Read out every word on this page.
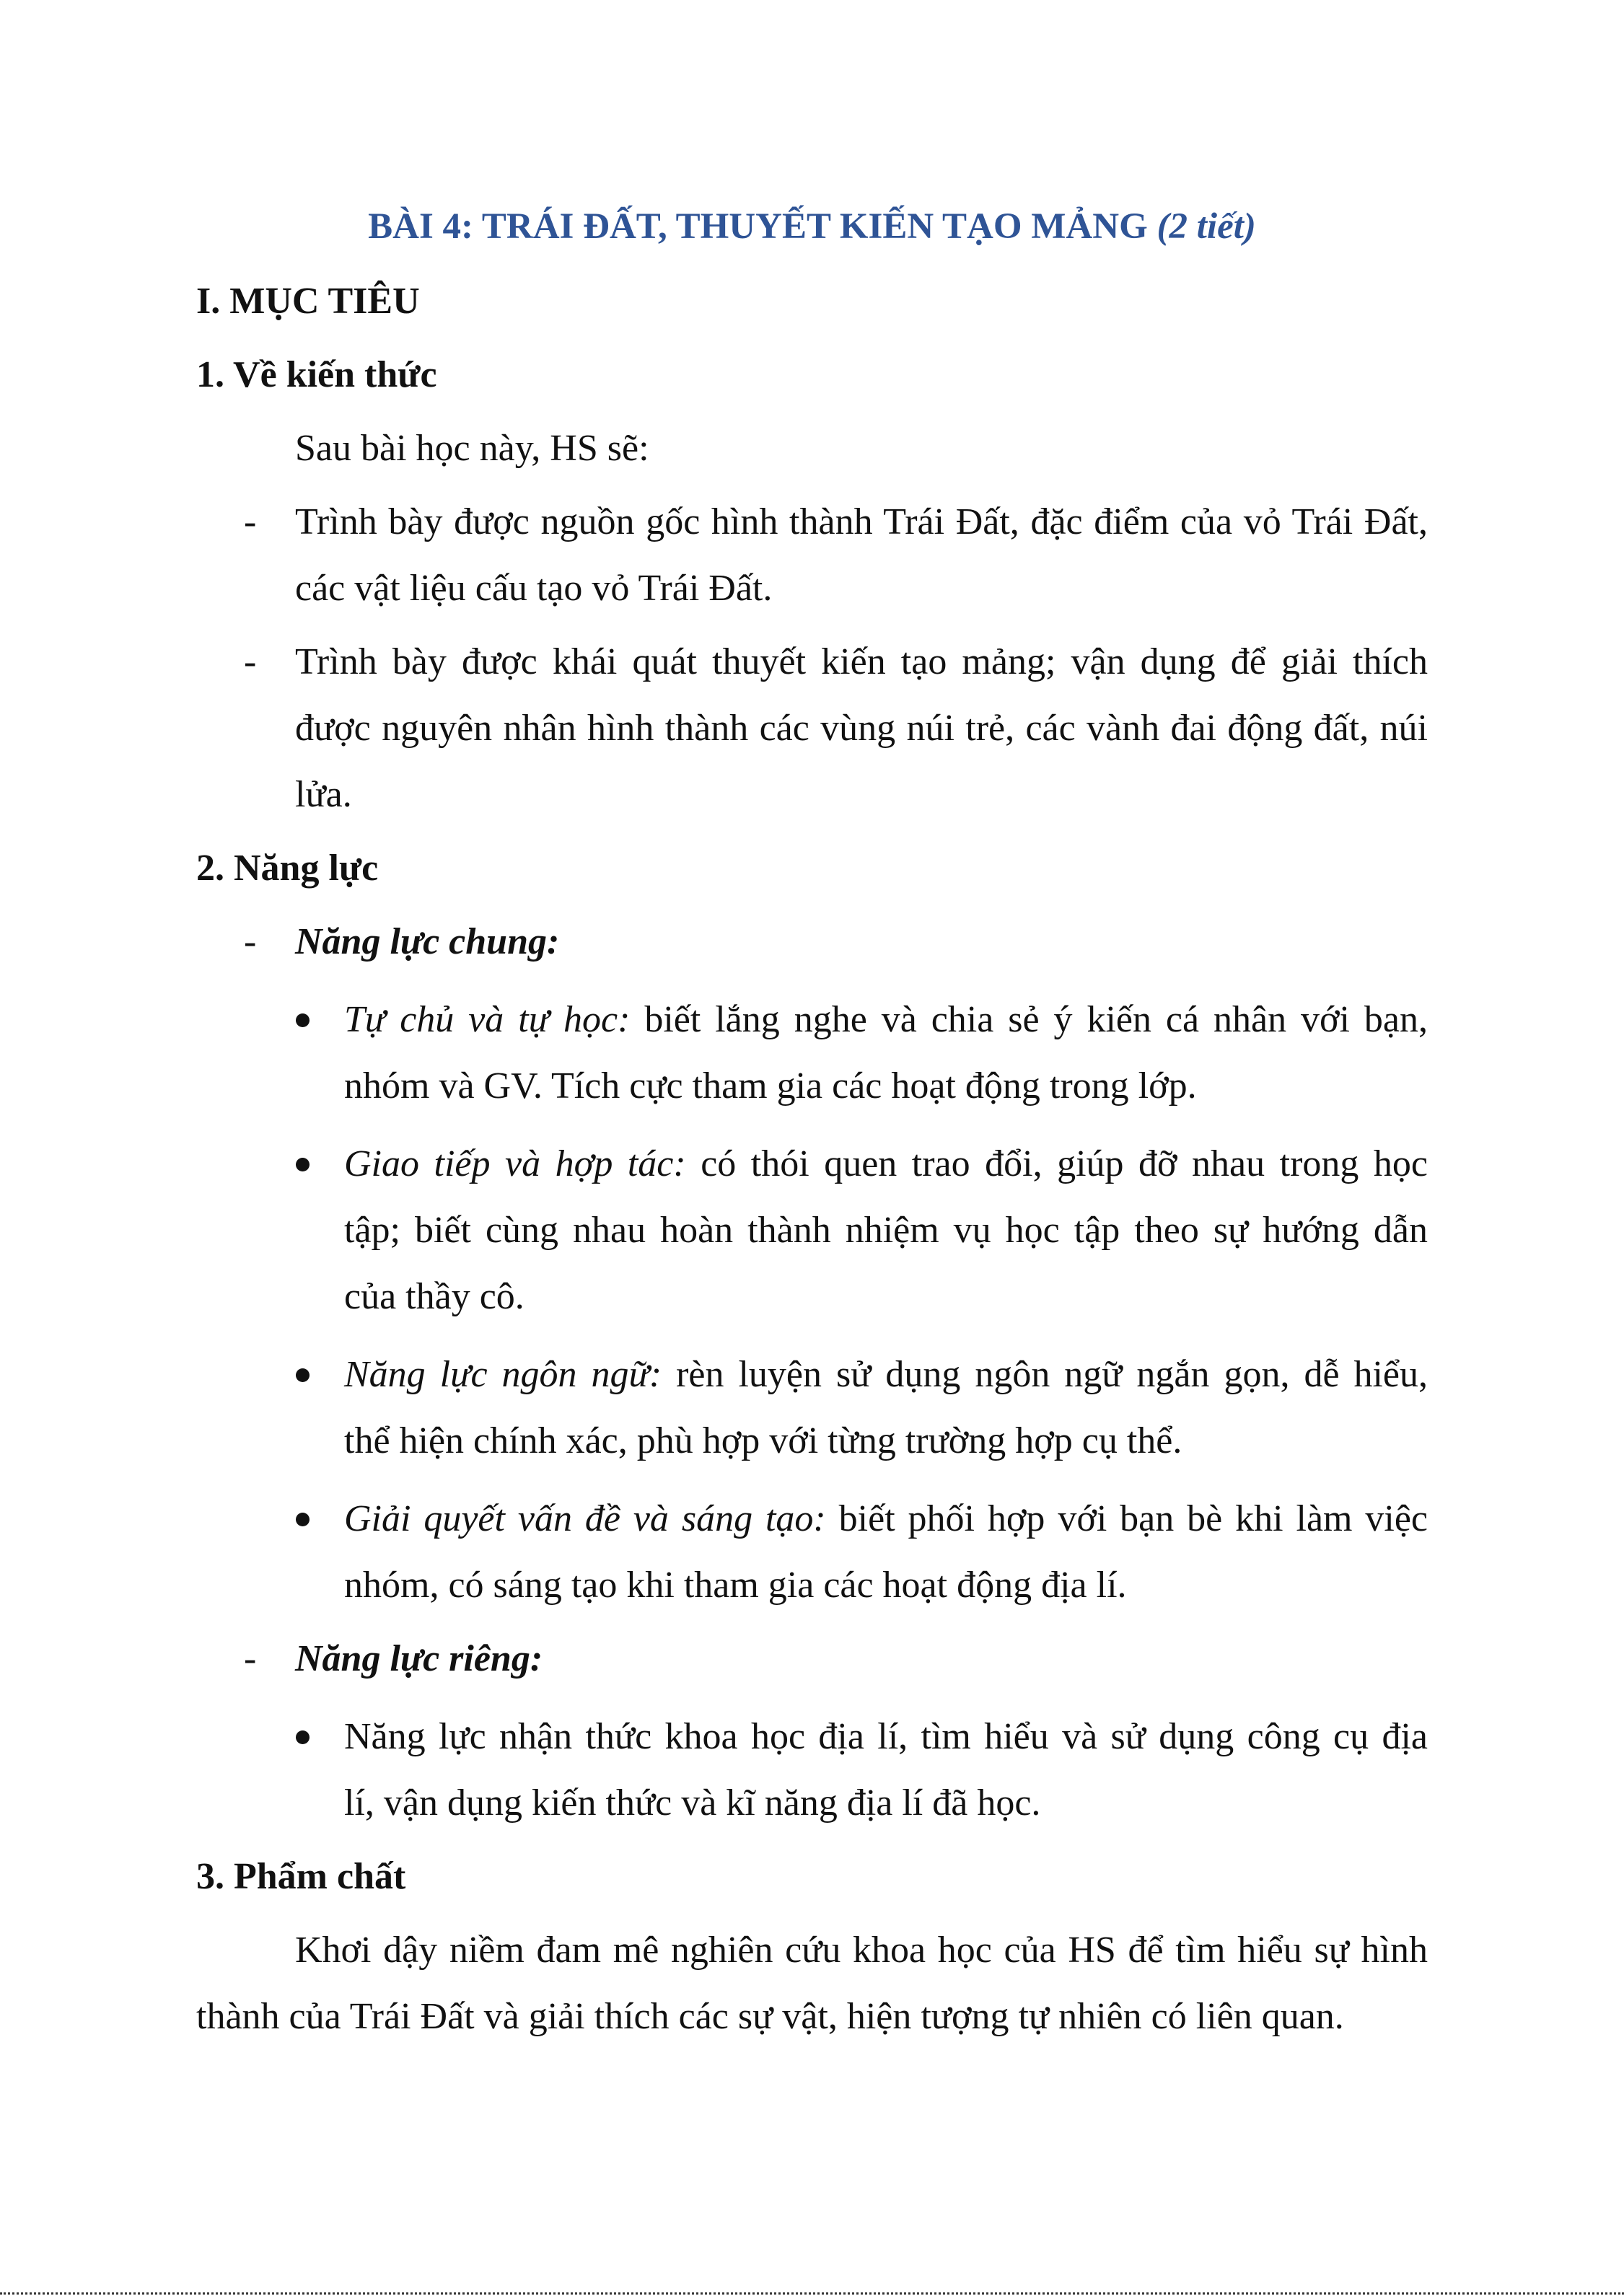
BÀI 4: TRÁI ĐẤT, THUYẾT KIẾN TẠO MẢNG (2 tiết)
I. MỤC TIÊU
1. Về kiến thức
Sau bài học này, HS sẽ:
- Trình bày được nguồn gốc hình thành Trái Đất, đặc điểm của vỏ Trái Đất,
các vật liệu cấu tạo vỏ Trái Đất.
- Trình bày được khái quát thuyết kiến tạo mảng; vận dụng để giải thích
được nguyên nhân hình thành các vùng núi trẻ, các vành đai động đất, núi
lửa.
2. Năng lực
- Năng lực chung:
Tự chủ và tự học: biết lắng nghe và chia sẻ ý kiến cá nhân với bạn,
nhóm và GV. Tích cực tham gia các hoạt động trong lớp.
Giao tiếp và hợp tác: có thói quen trao đổi, giúp đỡ nhau trong học
tập; biết cùng nhau hoàn thành nhiệm vụ học tập theo sự hướng dẫn
của thầy cô.
Năng lực ngôn ngữ: rèn luyện sử dụng ngôn ngữ ngắn gọn, dễ hiểu,
thể hiện chính xác, phù hợp với từng trường hợp cụ thể.
Giải quyết vấn đề và sáng tạo: biết phối hợp với bạn bè khi làm việc
nhóm, có sáng tạo khi tham gia các hoạt động địa lí.
- Năng lực riêng:
Năng lực nhận thức khoa học địa lí, tìm hiểu và sử dụng công cụ địa
lí, vận dụng kiến thức và kĩ năng địa lí đã học.
3. Phẩm chất
Khơi dậy niềm đam mê nghiên cứu khoa học của HS để tìm hiểu sự hình
thành của Trái Đất và giải thích các sự vật, hiện tượng tự nhiên có liên quan.
